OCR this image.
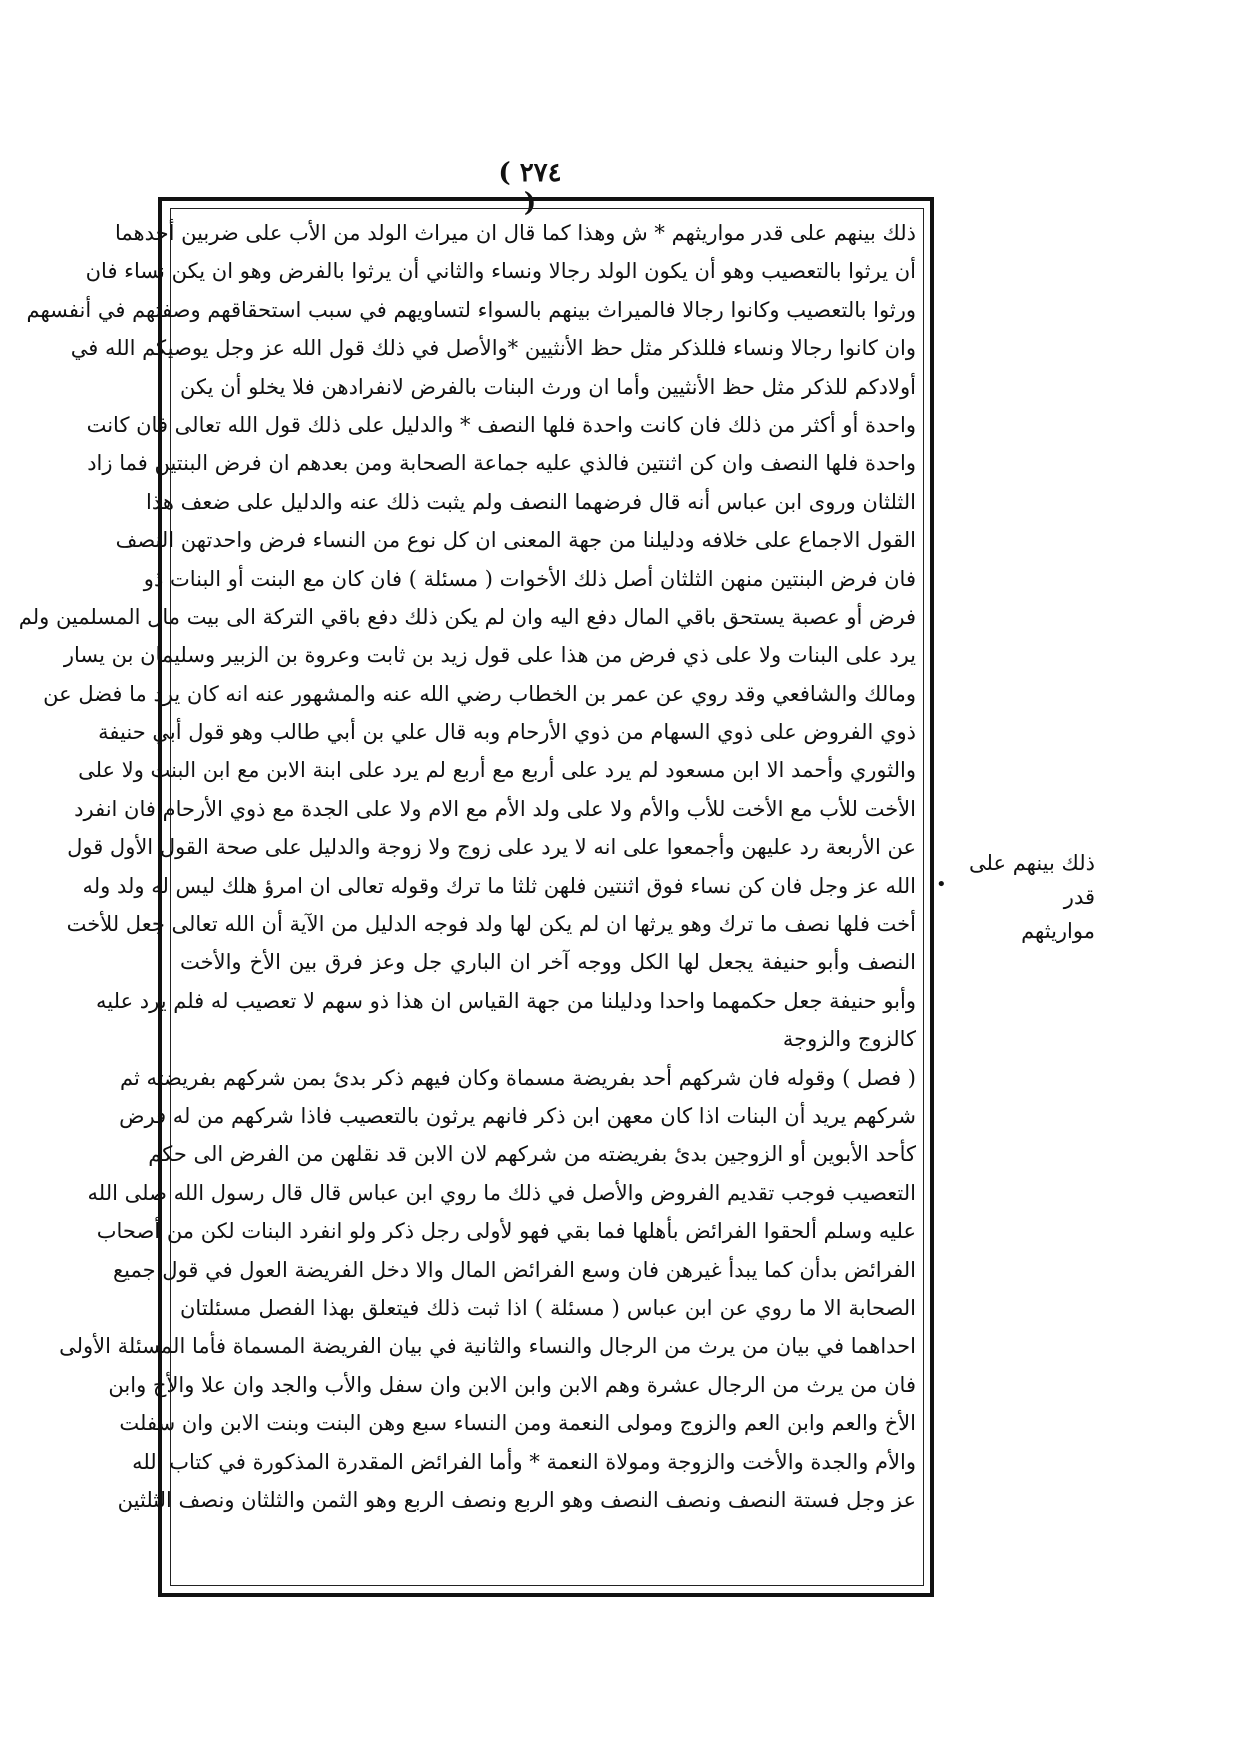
( ٢٧٤ )
ذلك بينهم على قدر مواريثهم * ش وهذا كما قال ان ميراث الولد من الأب على ضربين أحدهما
أن يرثوا بالتعصيب وهو أن يكون الولد رجالا ونساء والثاني أن يرثوا بالفرض وهو ان يكن نساء فان
ورثوا بالتعصيب وكانوا رجالا فالميراث بينهم بالسواء لتساويهم في سبب استحقاقهم وصفتهم في أنفسهم
وان كانوا رجالا ونساء فللذكر مثل حظ الأنثيين *والأصل في ذلك قول الله عز وجل يوصيكم الله في
أولادكم للذكر مثل حظ الأنثيين وأما ان ورث البنات بالفرض لانفرادهن فلا يخلو أن يكن
واحدة أو أكثر من ذلك فان كانت واحدة فلها النصف * والدليل على ذلك قول الله تعالى فان كانت
واحدة فلها النصف وان كن اثنتين فالذي عليه جماعة الصحابة ومن بعدهم ان فرض البنتين فما زاد
الثلثان وروى ابن عباس أنه قال فرضهما النصف ولم يثبت ذلك عنه والدليل على ضعف هذا
القول الاجماع على خلافه ودليلنا من جهة المعنى ان كل نوع من النساء فرض واحدتهن النصف
فان فرض البنتين منهن الثلثان أصل ذلك الأخوات ( مسئلة ) فان كان مع البنت أو البنات ذو
فرض أو عصبة يستحق باقي المال دفع اليه وان لم يكن ذلك دفع باقي التركة الى بيت مال المسلمين ولم
يرد على البنات ولا على ذي فرض من هذا على قول زيد بن ثابت وعروة بن الزبير وسليمان بن يسار
ومالك والشافعي وقد روي عن عمر بن الخطاب رضي الله عنه والمشهور عنه انه كان يرد ما فضل عن
ذوي الفروض على ذوي السهام من ذوي الأرحام وبه قال علي بن أبي طالب وهو قول أبي حنيفة
والثوري وأحمد الا ابن مسعود لم يرد على أربع مع أربع لم يرد على ابنة الابن مع ابن البنت ولا على
الأخت للأب مع الأخت للأب والأم ولا على ولد الأم مع الام ولا على الجدة مع ذوي الأرحام فان انفرد
عن الأربعة رد عليهن وأجمعوا على انه لا يرد على زوج ولا زوجة والدليل على صحة القول الأول قول
الله عز وجل فان كن نساء فوق اثنتين فلهن ثلثا ما ترك وقوله تعالى ان امرؤ هلك ليس له ولد وله
أخت فلها نصف ما ترك وهو يرثها ان لم يكن لها ولد فوجه الدليل من الآية أن الله تعالى جعل للأخت
النصف وأبو حنيفة يجعل لها الكل ووجه آخر ان الباري جل وعز فرق بين الأخ والأخت
وأبو حنيفة جعل حكمهما واحدا ودليلنا من جهة القياس ان هذا ذو سهم لا تعصيب له فلم يرد عليه
كالزوج والزوجة
( فصل ) وقوله فان شركهم أحد بفريضة مسماة وكان فيهم ذكر بدئ بمن شركهم بفريضته ثم
شركهم يريد أن البنات اذا كان معهن ابن ذكر فانهم يرثون بالتعصيب فاذا شركهم من له فرض
كأحد الأبوين أو الزوجين بدئ بفريضته من شركهم لان الابن قد نقلهن من الفرض الى حكم
التعصيب فوجب تقديم الفروض والأصل في ذلك ما روي ابن عباس قال قال رسول الله صلى الله
عليه وسلم ألحقوا الفرائض بأهلها فما بقي فهو لأولى رجل ذكر ولو انفرد البنات لكن من أصحاب
الفرائض بدأن كما يبدأ غيرهن فان وسع الفرائض المال والا دخل الفريضة العول في قول جميع
الصحابة الا ما روي عن ابن عباس ( مسئلة ) اذا ثبت ذلك فيتعلق بهذا الفصل مسئلتان
احداهما في بيان من يرث من الرجال والنساء والثانية في بيان الفريضة المسماة فأما المسئلة الأولى
فان من يرث من الرجال عشرة وهم الابن وابن الابن وان سفل والأب والجد وان علا والأخ وابن
الأخ والعم وابن العم والزوج ومولى النعمة ومن النساء سبع وهن البنت وبنت الابن وان سفلت
والأم والجدة والأخت والزوجة ومولاة النعمة * وأما الفرائض المقدرة المذكورة في كتاب الله
عز وجل فستة النصف ونصف النصف وهو الربع ونصف الربع وهو الثمن والثلثان ونصف الثلثين
ذلك بينهم على قدر
مواريثهم
•
